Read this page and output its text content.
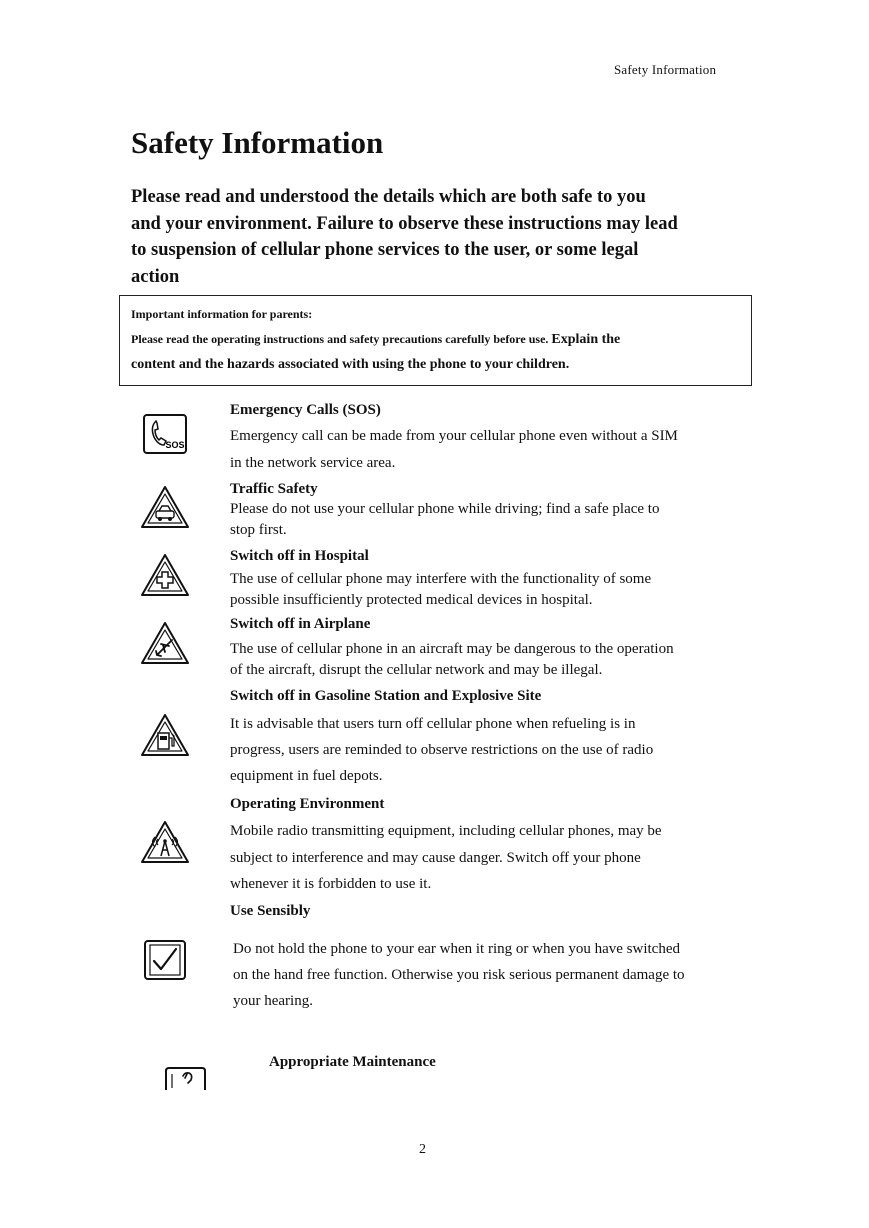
Safety Information
Safety Information

Please read and understood the details which are both safe to you
and your environment. Failure to observe these instructions may lead
to suspension of cellular phone services to the user, or some legal
action

Important information for parents:
Please read the operating instructions and safety precautions carefully before use. Explain the
content and the hazards associated with using the phone to your children.
SOS
Emergency Calls (SOS)
Emergency call can be made from your cellular phone even without a SIM
in the network service area.
Traffic Safety
Please do not use your cellular phone while driving; find a safe place to
stop first.
Switch off in Hospital
The use of cellular phone may interfere with the functionality of some
possible insufficiently protected medical devices in hospital.
Switch off in Airplane
The use of cellular phone in an aircraft may be dangerous to the operation
of the aircraft, disrupt the cellular network and may be illegal.
Switch off in Gasoline Station and Explosive Site
It is advisable that users turn off cellular phone when refueling is in
progress, users are reminded to observe restrictions on the use of radio
equipment in fuel depots.
Operating Environment
Mobile radio transmitting equipment, including cellular phones, may be
subject to interference and may cause danger. Switch off your phone
whenever it is forbidden to use it.
Use Sensibly
Do not hold the phone to your ear when it ring or when you have switched
on the hand free function. Otherwise you risk serious permanent damage to
your hearing.
Appropriate Maintenance
2
